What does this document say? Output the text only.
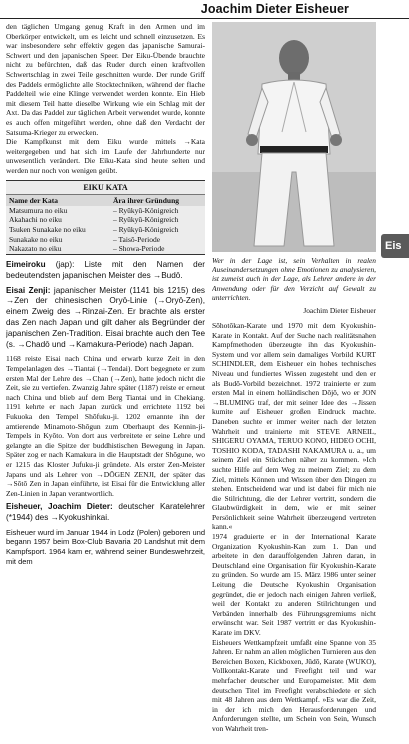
Joachim Dieter Eisheuer
Eis

den täglichen Umgang genug Kraft in den Armen und im Oberkörper entwickelt, um es leicht und schnell einzusetzen. Es war insbesondere sehr effektiv gegen das japanische Samurai-Schwert und den japanischen Speer. Der Eiku-Übende brauchte nicht zu befürchten, daß das Ruder durch einen kraftvollen Schwertschlag in zwei Teile geschnitten wurde. Der runde Griff des Paddels ermöglichte alle Stocktechniken, während der flache Paddelteil wie eine Klinge verwendet werden konnte. Ein Hieb mit diesem Teil hatte dieselbe Wirkung wie ein Schlag mit der Axt. Da das Paddel zur täglichen Arbeit verwendet wurde, konnte es auch offen mitgeführt werden, ohne daß den Verdacht der Satsuma-Krieger zu erwecken.

Die Kampfkunst mit dem Eiku wurde mittels →Kata weitergegeben und hat sich im Laufe der Jahrhunderte nur unwesentlich verändert. Die Eiku-Kata sind heute selten und werden nur noch von wenigen geübt.

EIKU KATA
Name der Kata	Ära ihrer Gründung
Matsumura no eiku	– Ryūkyū-Königreich
Akahachi no eiku	– Ryūkyū-Königreich
Tsuken Sunakake no eiku	– Ryūkyū-Königreich
Sunakake no eiku	– Taisō-Periode
Nakazato no eiku	– Showa-Periode

Eimeiroku (jap): Liste mit den Namen der bedeutendsten japanischen Meister des →Budō.

Eisai Zenji: japanischer Meister (1141 bis 1215) des →Zen der chinesischen Oryō-Linie (→Oryō-Zen), einem Zweig des →Rinzai-Zen. Er brachte als erster das Zen nach Japan und gilt daher als Begründer der japanischen Zen-Tradition. Eisai brachte auch den Tee (s. →Chadō und →Kamakura-Periode) nach Japan.

1168 reiste Eisai nach China und erwarb kurze Zeit in den Tempelanlagen des →Tiantai (→Tendai). Dort begegnete er zum ersten Mal der Lehre des →Chan (→Zen), hatte jedoch nicht die Zeit, sie zu vertiefen. Zwanzig Jahre später (1187) reiste er erneut nach China und blieb auf dem Berg Tiantai und in Chekiang. 1191 kehrte er nach Japan zurück und errichtete 1192 bei Fukuoka den Tempel Shōfuku-ji. 1202 ernannte ihn der amtierende Minamoto-Shōgun zum Oberhaupt des Kennin-ji-Tempels in Kyōto. Von dort aus verbreitete er seine Lehre und gelangte an die Spitze der buddhistischen Bewegung in Japan. Später zog er nach Kamakura in die Hauptstadt der Shōgune, wo er 1215 das Kloster Jufuku-ji gründete. Als erster Zen-Meister Japans und als Lehrer von →DŌGEN ZENJI, der später das →Sōtō Zen in Japan einführte, ist Eisai für die Entwicklung aller Zen-Linien in Japan verantwortlich.

Eisheuer, Joachim Dieter: deutscher Karatelehrer (*1944) des →Kyokushinkai.

Eisheuer wurd im Januar 1944 in Lodz (Polen) geboren und begann 1957 beim Box-Club Bavaria 20 Landshut mit dem Kampfsport. 1964 kam er, während seiner Bundeswehrzeit, mit dem

Wer in der Lage ist, sein Verhalten in realen Auseinandersetzungen ohne Emotionen zu analysieren, ist zumeist auch in der Lage, als Lehrer andere in der Anwendung oder für den Verzicht auf Gewalt zu unterrichten.

Joachim Dieter Eisheuer

Sōhotōkan-Karate und 1970 mit dem Kyokushin-Karate in Kontakt. Auf der Suche nach realitätsnahen Kampfmethoden überzeugte ihn das Kyokushin-System und vor allem sein damaliges Vorbild KURT SCHINDLER, dem Eisheuer ein hohes technisches Niveau und fundiertes Wissen zugesteht und den er als Budō-Vorbild bezeichnet. 1972 trainierte er zum ersten Mal in einem holländischen Dōjō, wo er JON →BLUMING traf, der mit seiner Idee des →Jissen kumite auf Eisheuer großen Eindruck machte. Daneben suchte er immer weiter nach der letzten Wahrheit und trainierte mit STEVE ARNEIL, SHIGERU OYAMA, TERUO KONO, HIDEO OCHI, TOSHIO KODA, TADASHI NAKAMURA u. a., um seinem Ziel ein Stückchen näher zu kommen. »Ich suchte Hilfe auf dem Weg zu meinem Ziel; zu dem Ziel, mittels Können und Wissen über den Dingen zu stehen. Entscheidend war und ist dabei für mich nie die Stilrichtung, die der Lehrer vertritt, sondern die Glaubwürdigkeit in dem, wie er mit seiner Persönlichkeit seine Wahrheit überzeugend vertreten kann.«

1974 graduierte er in der International Karate Organization Kyokushin-Kan zum 1. Dan und arbeitete in den darauffolgenden Jahren daran, in Deutschland eine Organisation für Kyokushin-Karate zu gründen. So wurde am 15. März 1986 unter seiner Leitung die Deutsche Kyokushin Organisation gegründet, die er jedoch nach einigen Jahren verließ, weil der Kontakt zu anderen Stilrichtungen und Verbänden innerhalb des Führungsgremiums nicht erwünscht war. Seit 1987 vertritt er das Kyokushin-Karate im DKV.

Eisheuers Wettkampfzeit umfaßt eine Spanne von 35 Jahren. Er nahm an allen möglichen Turnieren aus den Bereichen Boxen, Kickboxen, Jūdō, Karate (WUKO), Vollkontakt-Karate und Freefight teil und war mehrfacher deutscher und Europameister. Mit dem deutschen Titel im Freefight verabschiedete er sich mit 48 Jahren aus dem Wettkampf. »Es war die Zeit, in der ich mich den Herausforderungen und Anforderungen stellte, um Schein von Sein, Wunsch von Wahrheit tren-
